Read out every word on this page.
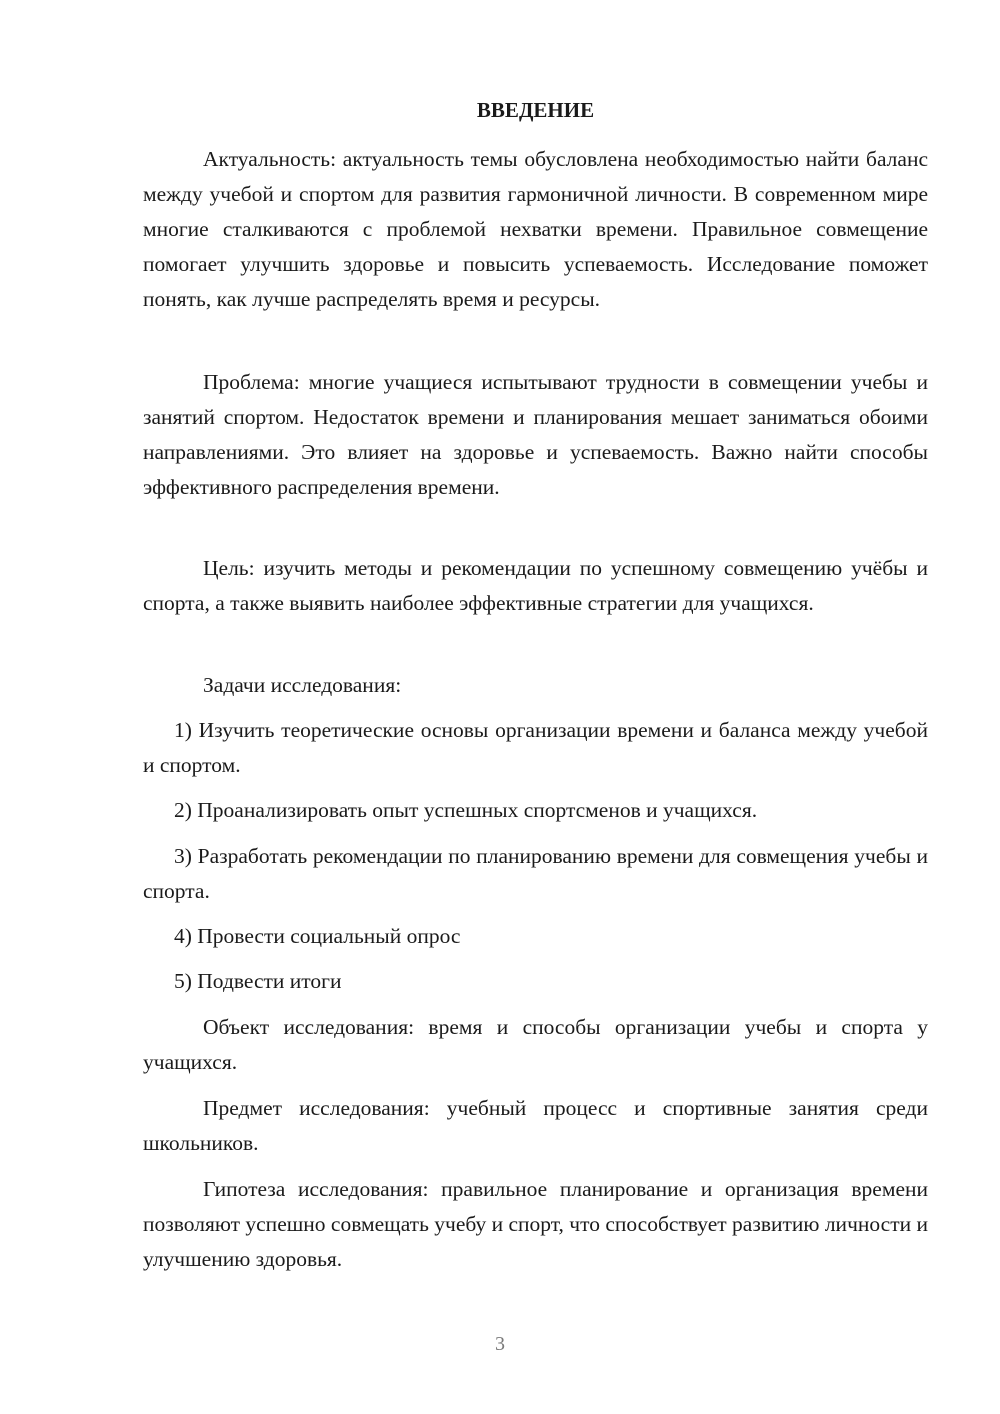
ВВЕДЕНИЕ

Актуальность: актуальность темы обусловлена необходимостью найти баланс между учебой и спортом для развития гармоничной личности. В современном мире многие сталкиваются с проблемой нехватки времени. Правильное совмещение помогает улучшить здоровье и повысить успеваемость. Исследование поможет понять, как лучше распределять время и ресурсы.

Проблема: многие учащиеся испытывают трудности в совмещении учебы и занятий спортом. Недостаток времени и планирования мешает заниматься обоими направлениями. Это влияет на здоровье и успеваемость. Важно найти способы эффективного распределения времени.

Цель: изучить методы и рекомендации по успешному совмещению учёбы и спорта, а также выявить наиболее эффективные стратегии для учащихся.

Задачи исследования:

1) Изучить теоретические основы организации времени и баланса между учебой и спортом.

2) Проанализировать опыт успешных спортсменов и учащихся.

3) Разработать рекомендации по планированию времени для совмещения учебы и спорта.

4) Провести социальный опрос

5) Подвести итоги

Объект исследования: время и способы организации учебы и спорта у учащихся.

Предмет исследования: учебный процесс и спортивные занятия среди школьников.

Гипотеза исследования: правильное планирование и организация времени позволяют успешно совмещать учебу и спорт, что способствует развитию личности и улучшению здоровья.

3
